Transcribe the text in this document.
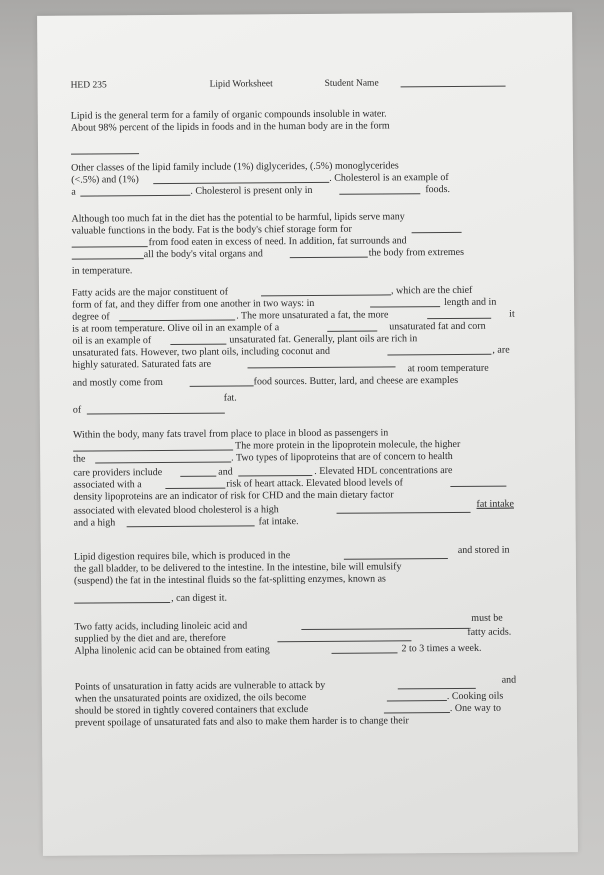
HED 235	Lipid Worksheet	Student Name
Lipid is the general term for a family of organic compounds insoluble in water.
About 98% percent of the lipids in foods and in the human body are in the form
Other classes of the lipid family include (1%) diglycerides, (.5%) monoglycerides
(<.5%) and (1%)	. Cholesterol is an example of
a	. Cholesterol is present only in	foods.
Although too much fat in the diet has the potential to be harmful, lipids serve many
valuable functions in the body. Fat is the body's chief storage form for
from food eaten in excess of need. In addition, fat surrounds and
all the body's vital organs and	the body from extremes
in temperature.
Fatty acids are the major constituent of	, which are the chief
form of fat, and they differ from one another in two ways: in	length and in
degree of	. The more unsaturated a fat, the more	it
is at room temperature. Olive oil in an example of a	unsaturated fat and corn
oil is an example of	unsaturated fat. Generally, plant oils are rich in
unsaturated fats. However, two plant oils, including coconut and	, are
highly saturated. Saturated fats are	at room temperature
and mostly come from	food sources. Butter, lard, and cheese are examples
fat.
of
Within the body, many fats travel from place to place in blood as passengers in
The more protein in the lipoprotein molecule, the higher
the	. Two types of lipoproteins that are of concern to health
care providers include	and	. Elevated HDL concentrations are
associated with a	risk of heart attack. Elevated blood levels of
density lipoproteins are an indicator of risk for CHD and the main dietary factor
associated with elevated blood cholesterol is a high
fat intake
and a high	fat intake.
Lipid digestion requires bile, which is produced in the	and stored in
the gall bladder, to be delivered to the intestine. In the intestine, bile will emulsify
(suspend) the fat in the intestinal fluids so the fat-splitting enzymes, known as
, can digest it.
Two fatty acids, including linoleic acid and
must be
supplied by the diet and are, therefore
fatty acids.
Alpha linolenic acid can be obtained from eating	2 to 3 times a week.
Points of unsaturation in fatty acids are vulnerable to attack by	and
when the unsaturated points are oxidized, the oils become	. Cooking oils
should be stored in tightly covered containers that exclude	. One way to
prevent spoilage of unsaturated fats and also to make them harder is to change their
